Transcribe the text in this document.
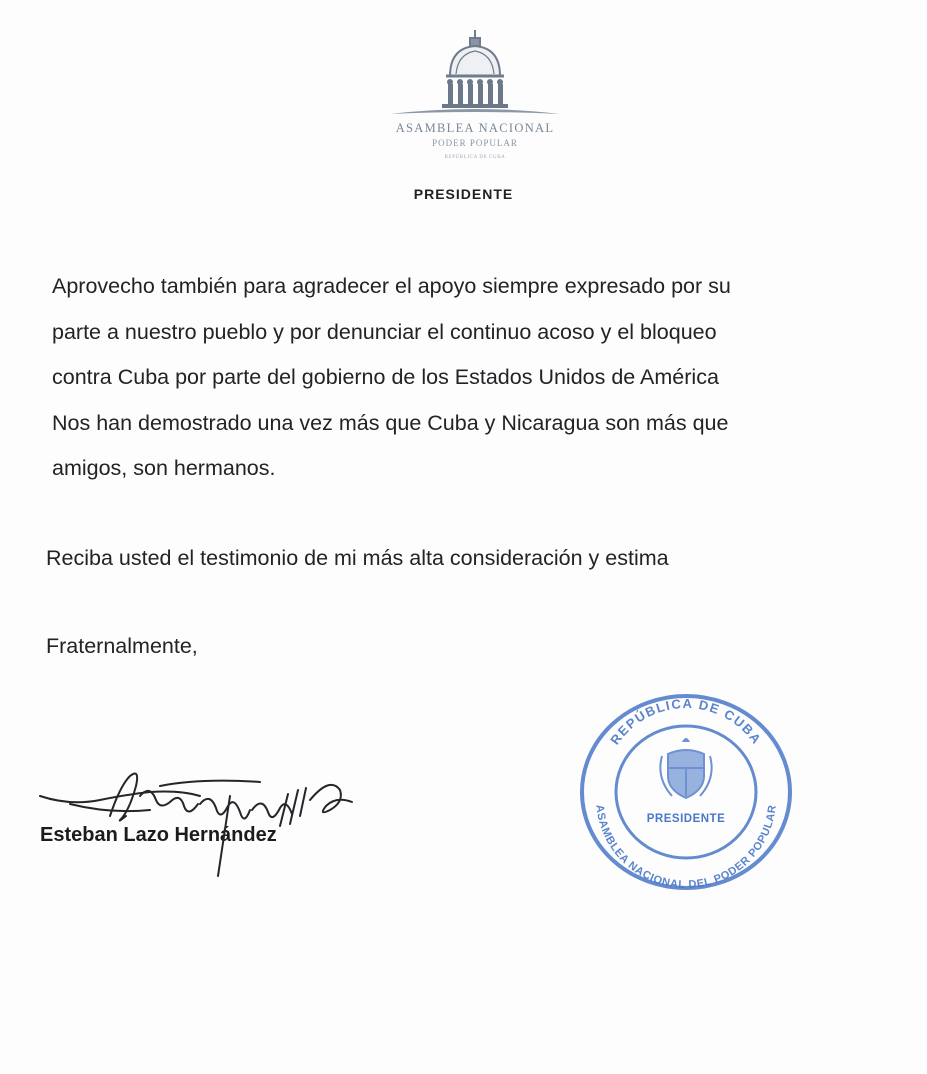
ASAMBLEA NACIONAL
PODER POPULAR
REPÚBLICA DE CUBA
PRESIDENTE

Aprovecho también para agradecer el apoyo siempre expresado por su

parte a nuestro pueblo y por denunciar el continuo acoso y el bloqueo

contra Cuba por parte del gobierno de los Estados Unidos de América

Nos han demostrado una vez más que Cuba y Nicaragua son más que

amigos, son hermanos.

Reciba usted el testimonio de mi más alta consideración y estima
Fraternalmente,
Esteban Lazo Hernández
REPÚBLICA DE CUBA
ASAMBLEA NACIONAL DEL PODER POPULAR
PRESIDENTE
